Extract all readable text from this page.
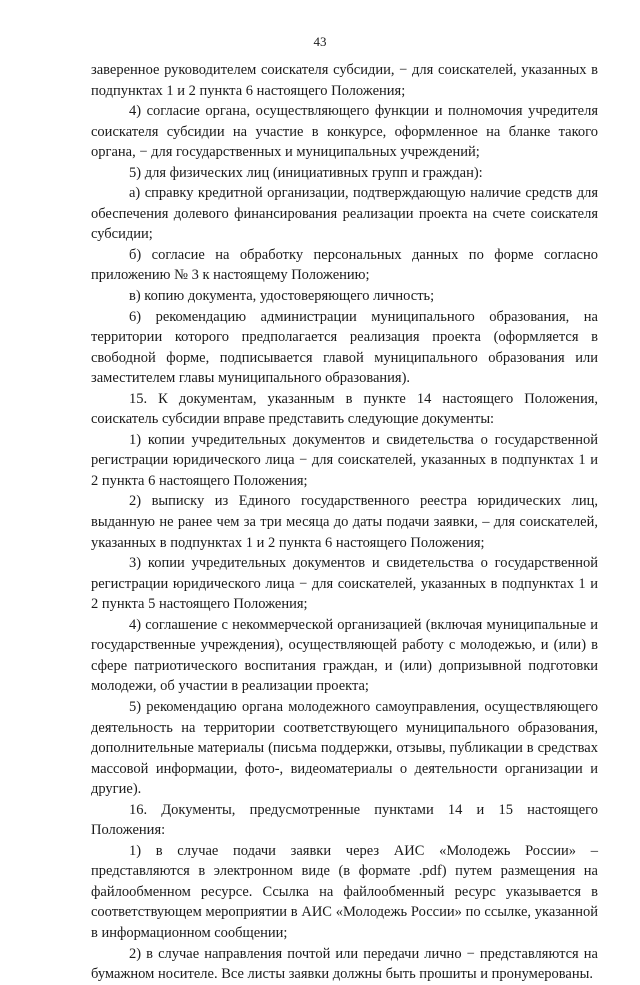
43

заверенное руководителем соискателя субсидии, − для соискателей, указанных в подпунктах 1 и 2 пункта 6 настоящего Положения;

4) согласие органа, осуществляющего функции и полномочия учредителя соискателя субсидии на участие в конкурсе, оформленное на бланке такого органа, − для государственных и муниципальных учреждений;

5) для физических лиц (инициативных групп и граждан):

а) справку кредитной организации, подтверждающую наличие средств для обеспечения долевого финансирования реализации проекта на счете соискателя субсидии;

б) согласие на обработку персональных данных по форме согласно приложению № 3 к настоящему Положению;

в) копию документа, удостоверяющего личность;

6) рекомендацию администрации муниципального образования, на территории которого предполагается реализация проекта (оформляется в свободной форме, подписывается главой муниципального образования или заместителем главы муниципального образования).

15. К документам, указанным в пункте 14 настоящего Положения, соискатель субсидии вправе представить следующие документы:

1) копии учредительных документов и свидетельства о государственной регистрации юридического лица − для соискателей, указанных в подпунктах 1 и 2 пункта 6 настоящего Положения;

2) выписку из Единого государственного реестра юридических лиц, выданную не ранее чем за три месяца до даты подачи заявки, – для соискателей, указанных в подпунктах 1 и 2 пункта 6 настоящего Положения;

3) копии учредительных документов и свидетельства о государственной регистрации юридического лица − для соискателей, указанных в подпунктах 1 и 2 пункта 5 настоящего Положения;

4) соглашение с некоммерческой организацией (включая муниципальные и государственные учреждения), осуществляющей работу с молодежью, и (или) в сфере патриотического воспитания граждан, и (или) допризывной подготовки молодежи, об участии в реализации проекта;

5) рекомендацию органа молодежного самоуправления, осуществляющего деятельность на территории соответствующего муниципального образования, дополнительные материалы (письма поддержки, отзывы, публикации в средствах массовой информации, фото-, видеоматериалы о деятельности организации и другие).

16. Документы, предусмотренные пунктами 14 и 15 настоящего Положения:

1) в случае подачи заявки через АИС «Молодежь России» – представляются в электронном виде (в формате .pdf) путем размещения на файлообменном ресурсе. Ссылка на файлообменный ресурс указывается в соответствующем мероприятии в АИС «Молодежь России» по ссылке, указанной в информационном сообщении;

2) в случае направления почтой или передачи лично − представляются на бумажном носителе. Все листы заявки должны быть прошиты и пронумерованы.
